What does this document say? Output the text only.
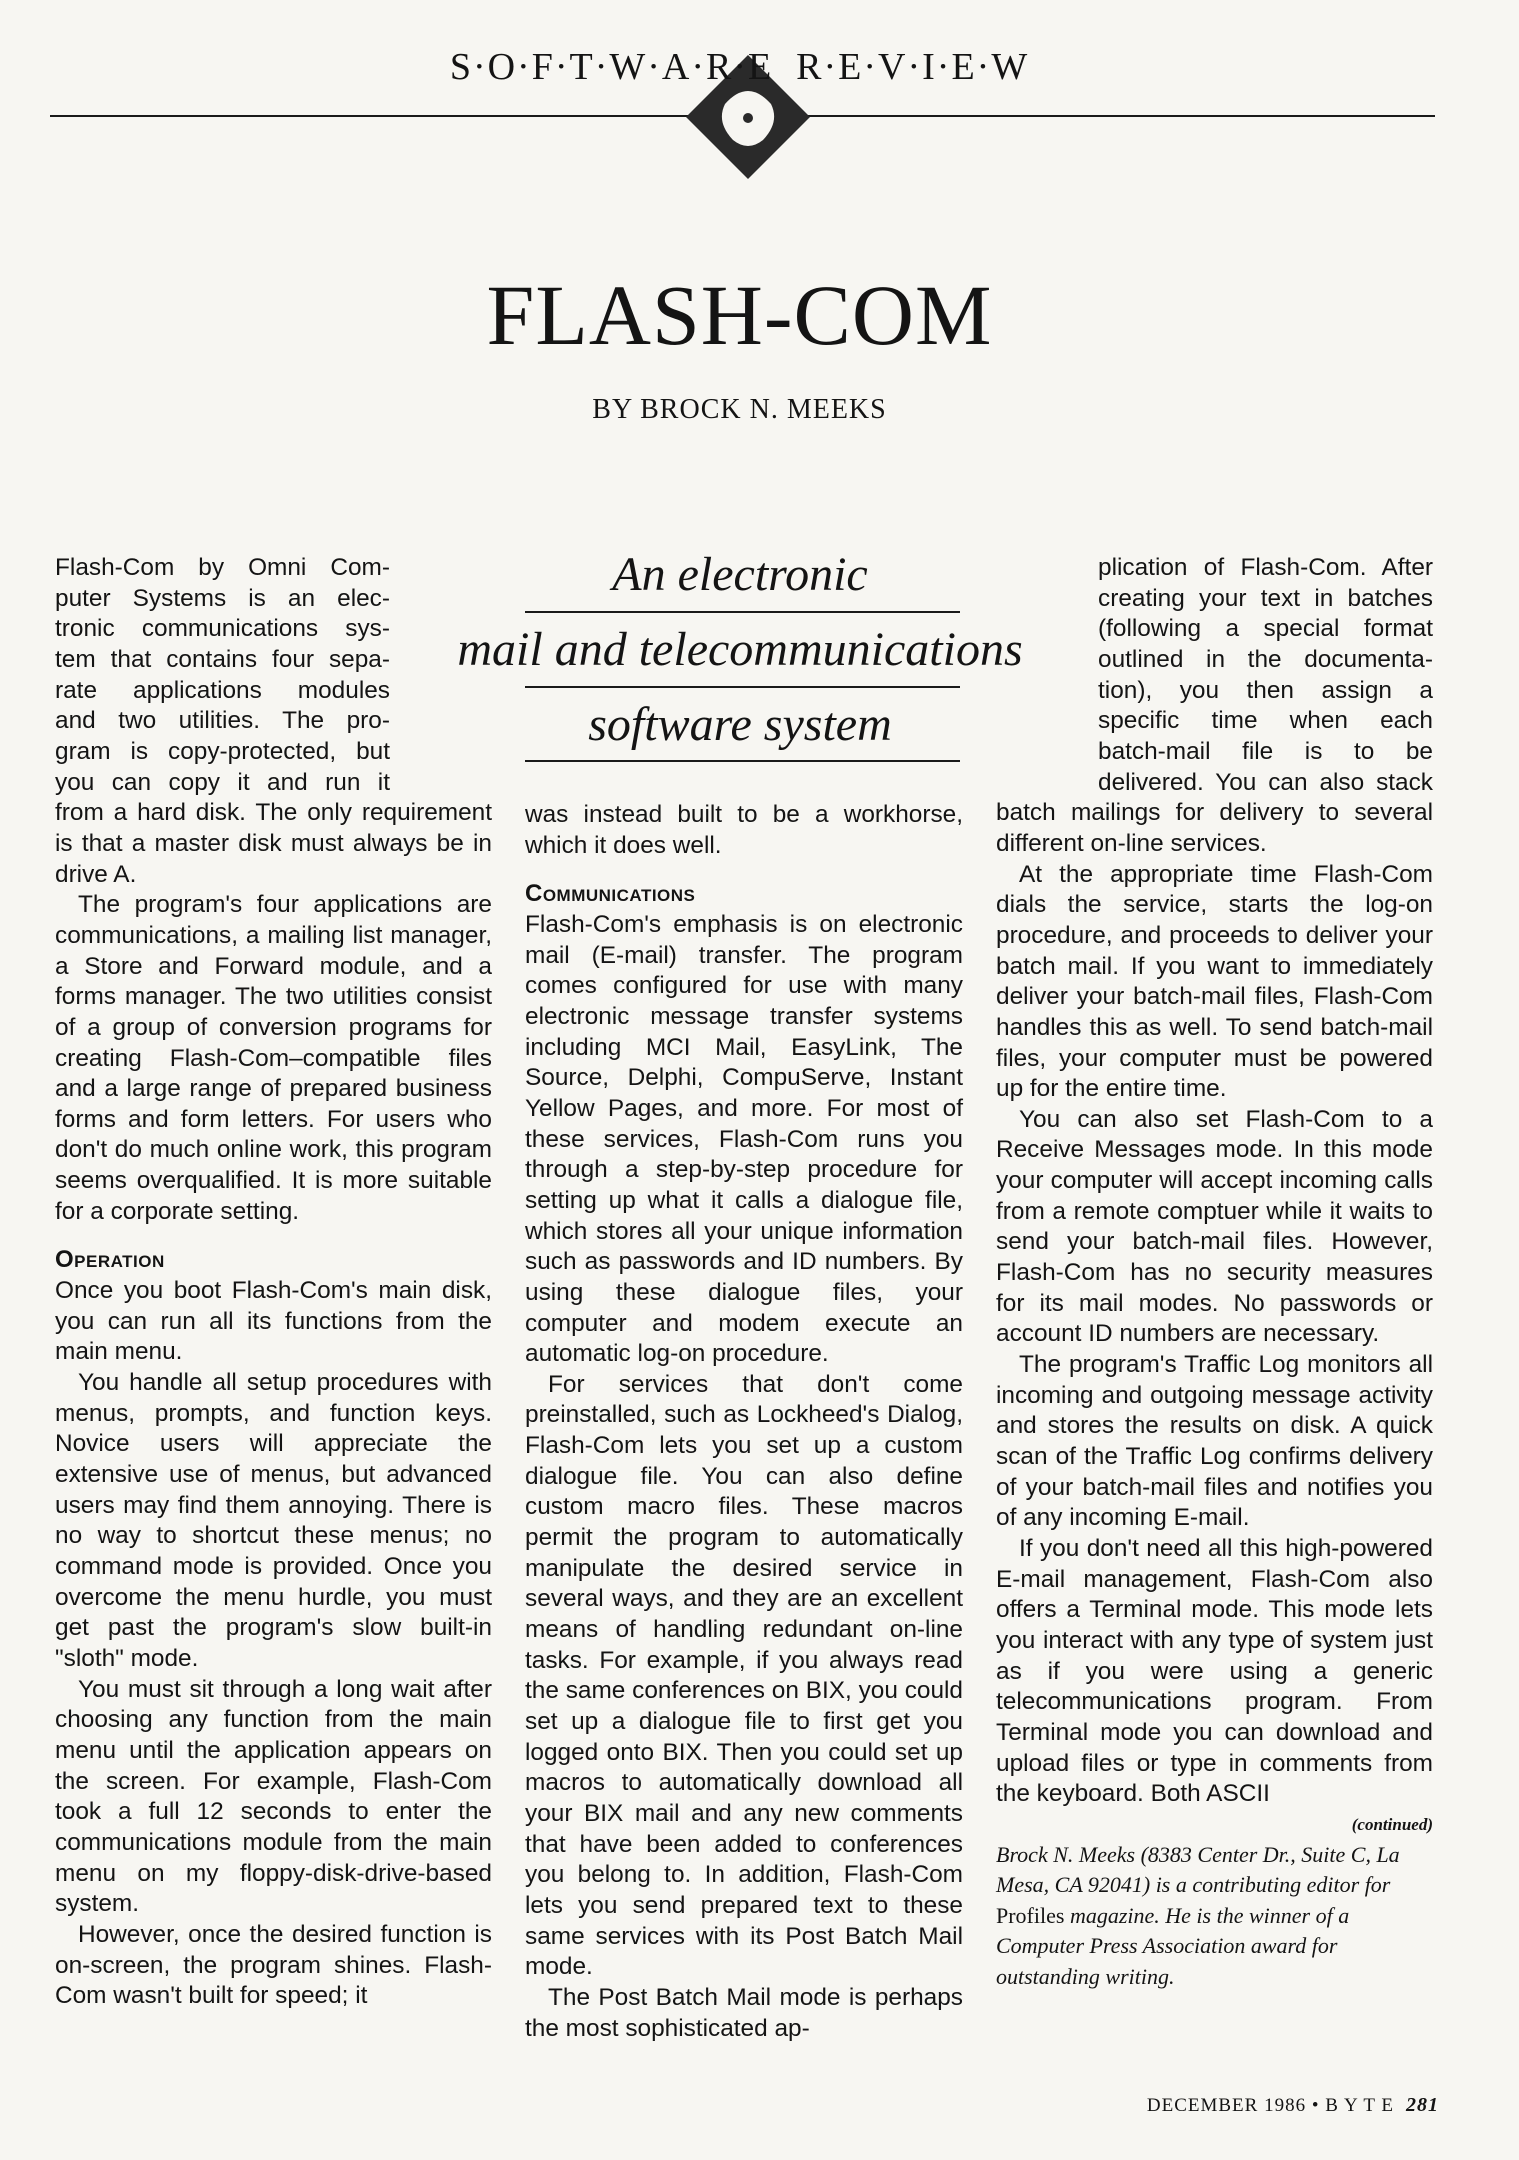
S·O·F·T·W·A·R·E  R·E·V·I·E·W
FLASH-COM
BY BROCK N. MEEKS
An electronic
mail and telecommunications
software system
Flash-Com by Omni Com-
puter Systems is an elec-
tronic communications sys-
tem that contains four sepa-
rate applications modules
and two utilities. The pro-
gram is copy-protected, but
you can copy it and run it

from a hard disk. The only requirement is that a master disk must always be in drive A.

The program's four applications are communications, a mailing list manager, a Store and Forward module, and a forms manager. The two utilities consist of a group of conversion programs for creating Flash-Com–compatible files and a large range of prepared business forms and form letters. For users who don't do much online work, this program seems overqualified. It is more suitable for a corporate setting.

Operation

Once you boot Flash-Com's main disk, you can run all its functions from the main menu.

You handle all setup procedures with menus, prompts, and function keys. Novice users will appreciate the extensive use of menus, but advanced users may find them annoying. There is no way to shortcut these menus; no command mode is provided. Once you overcome the menu hurdle, you must get past the program's slow built-in "sloth" mode.

You must sit through a long wait after choosing any function from the main menu until the application appears on the screen. For example, Flash-Com took a full 12 seconds to enter the communications module from the main menu on my floppy-disk-drive-based system.

However, once the desired function is on-screen, the program shines. Flash-Com wasn't built for speed; it

was instead built to be a workhorse, which it does well.

Communications

Flash-Com's emphasis is on electronic mail (E-mail) transfer. The program comes configured for use with many electronic message transfer systems including MCI Mail, EasyLink, The Source, Delphi, CompuServe, Instant Yellow Pages, and more. For most of these services, Flash-Com runs you through a step-by-step procedure for setting up what it calls a dialogue file, which stores all your unique information such as passwords and ID numbers. By using these dialogue files, your computer and modem execute an automatic log-on procedure.

For services that don't come preinstalled, such as Lockheed's Dialog, Flash-Com lets you set up a custom dialogue file. You can also define custom macro files. These macros permit the program to automatically manipulate the desired service in several ways, and they are an excellent means of handling redundant on-line tasks. For example, if you always read the same conferences on BIX, you could set up a dialogue file to first get you logged onto BIX. Then you could set up macros to automatically download all your BIX mail and any new comments that have been added to conferences you belong to. In addition, Flash-Com lets you send prepared text to these same services with its Post Batch Mail mode.

The Post Batch Mail mode is perhaps the most sophisticated ap-

plication of Flash-Com. After
creating your text in batches
(following a special format
outlined in the documenta-
tion), you then assign a
specific time when each
batch-mail file is to be
delivered. You can also stack

batch mailings for delivery to several different on-line services.

At the appropriate time Flash-Com dials the service, starts the log-on procedure, and proceeds to deliver your batch mail. If you want to immediately deliver your batch-mail files, Flash-Com handles this as well. To send batch-mail files, your computer must be powered up for the entire time.

You can also set Flash-Com to a Receive Messages mode. In this mode your computer will accept incoming calls from a remote comptuer while it waits to send your batch-mail files. However, Flash-Com has no security measures for its mail modes. No passwords or account ID numbers are necessary.

The program's Traffic Log monitors all incoming and outgoing message activity and stores the results on disk. A quick scan of the Traffic Log confirms delivery of your batch-mail files and notifies you of any incoming E-mail.

If you don't need all this high-powered E-mail management, Flash-Com also offers a Terminal mode. This mode lets you interact with any type of system just as if you were using a generic telecommunications program. From Terminal mode you can download and upload files or type in comments from the keyboard. Both ASCII

(continued)
Brock N. Meeks (8383 Center Dr., Suite C, La Mesa, CA 92041) is a contributing editor for Profiles magazine. He is the winner of a Computer Press Association award for outstanding writing.
DECEMBER 1986 • B Y T E 281
